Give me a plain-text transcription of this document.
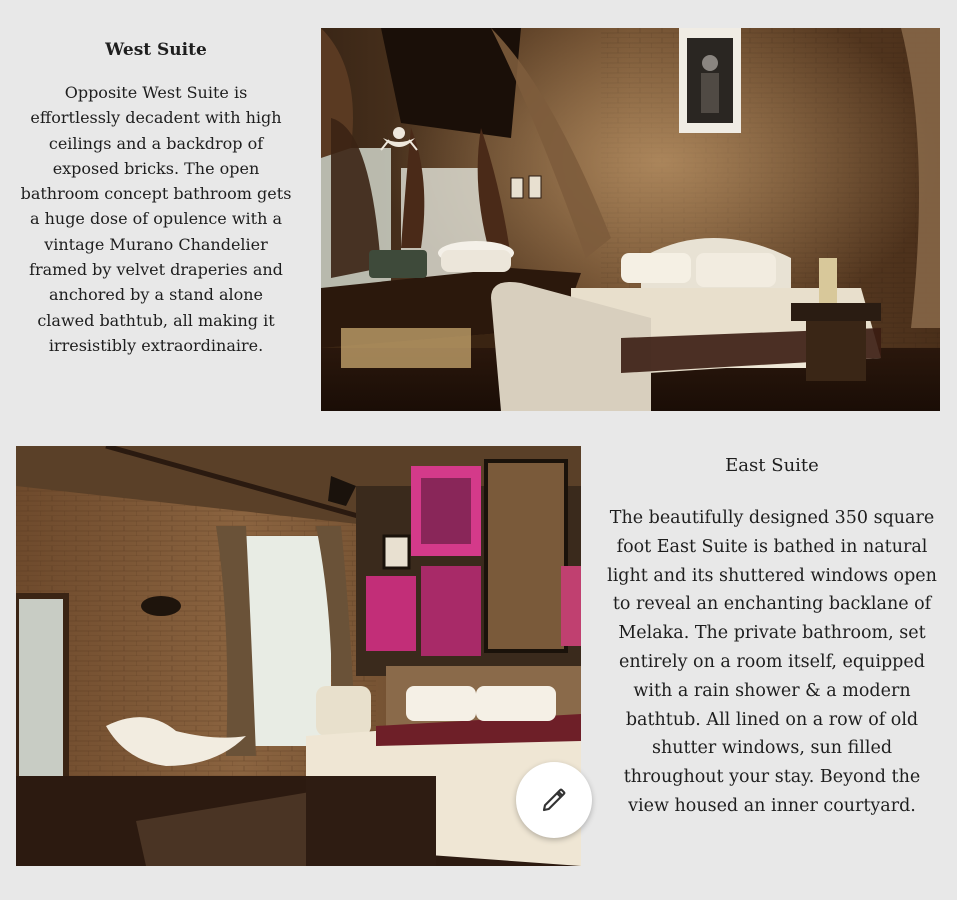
West Suite

Opposite West Suite is effortlessly decadent with high ceilings and a backdrop of exposed bricks. The open bathroom concept bathroom gets a huge dose of opulence with a vintage Murano Chandelier framed by velvet draperies and anchored by a stand alone clawed bathtub, all making it irresistibly extraordinaire.

East Suite

The beautifully designed 350 square foot East Suite is bathed in natural light and its shuttered windows open to reveal an enchanting backlane of Melaka. The private bathroom, set entirely on a room itself, equipped with a rain shower & a modern bathtub. All lined on a row of old shutter windows, sun filled throughout your stay. Beyond the view housed an inner courtyard.
